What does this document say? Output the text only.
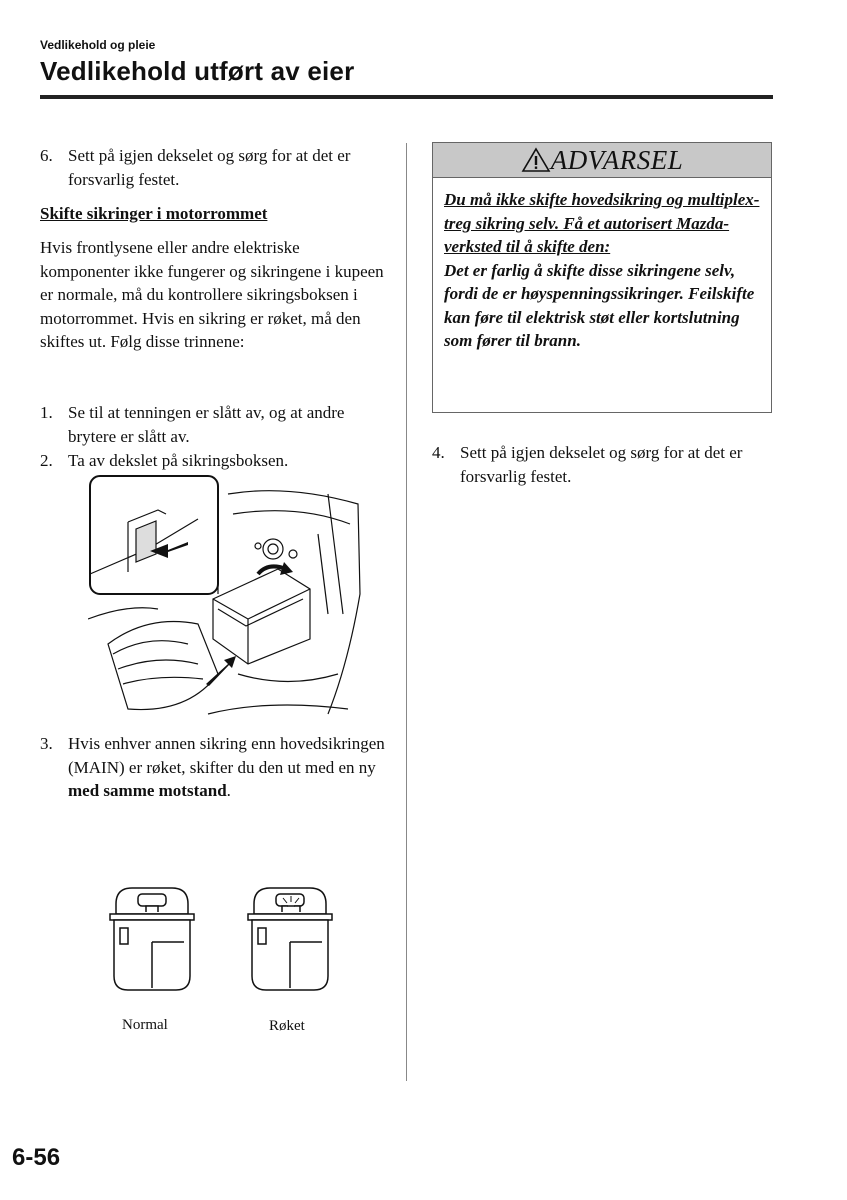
Vedlikehold og pleie
Vedlikehold utført av eier
6. Sett på igjen dekselet og sørg for at det er forsvarlig festet.
Skifte sikringer i motorrommet
Hvis frontlysene eller andre elektriske komponenter ikke fungerer og sikringene i kupeen er normale, må du kontrollere sikringsboksen i motorrommet. Hvis en sikring er røket, må den skiftes ut. Følg disse trinnene:
1. Se til at tenningen er slått av, og at andre brytere er slått av.
2. Ta av dekslet på sikringsboksen.
3. Hvis enhver annen sikring enn hovedsikringen (MAIN) er røket, skifter du den ut med en ny med samme motstand.
Normal	Røket
ADVARSEL
Du må ikke skifte hovedsikring og multiplex-treg sikring selv. Få et autorisert Mazda-verksted til å skifte den:
Det er farlig å skifte disse sikringene selv, fordi de er høyspenningssikringer. Feilskifte kan føre til elektrisk støt eller kortslutning som fører til brann.
4. Sett på igjen dekselet og sørg for at det er forsvarlig festet.
6-56
